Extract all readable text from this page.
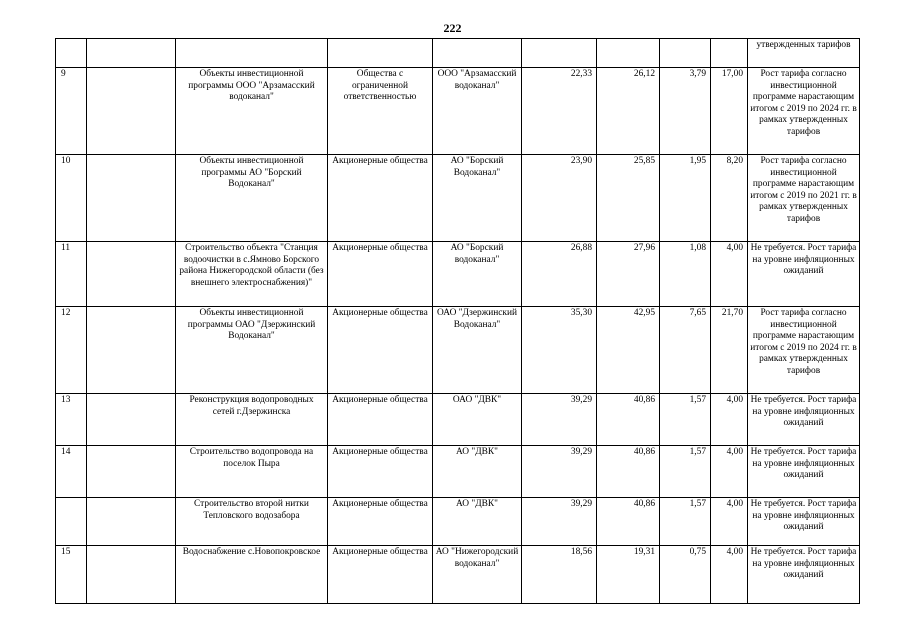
222
									утвержденных тарифов
9		Объекты инвестиционной программы ООО "Арзамасский водоканал"	Общества с ограниченной ответственностью	ООО "Арзамасский водоканал"	22,33	26,12	3,79	17,00	Рост тарифа согласно инвестиционной программе нарастающим итогом с 2019 по 2024 гг. в рамках утвержденных тарифов
10		Объекты инвестиционной программы АО "Борский Водоканал"	Акционерные общества	АО "Борский Водоканал"	23,90	25,85	1,95	8,20	Рост тарифа согласно инвестиционной программе нарастающим итогом с 2019 по 2021 гг. в рамках утвержденных тарифов
11		Строительство объекта "Станция водоочистки в с.Ямново Борского района Нижегородской области (без внешнего электроснабжения)"	Акционерные общества	АО "Борский водоканал"	26,88	27,96	1,08	4,00	Не требуется. Рост тарифа на уровне инфляционных ожиданий
12		Объекты инвестиционной программы ОАО "Дзержинский Водоканал"	Акционерные общества	ОАО "Дзержинский Водоканал"	35,30	42,95	7,65	21,70	Рост тарифа согласно инвестиционной программе нарастающим итогом с 2019 по 2024 гг. в рамках утвержденных тарифов
13		Реконструкция водопроводных сетей г.Дзержинска	Акционерные общества	ОАО "ДВК"	39,29	40,86	1,57	4,00	Не требуется. Рост тарифа на уровне инфляционных ожиданий
14		Строительство водопровода на поселок Пыра	Акционерные общества	АО "ДВК"	39,29	40,86	1,57	4,00	Не требуется. Рост тарифа на уровне инфляционных ожиданий
		Строительство второй нитки Тепловского водозабора	Акционерные общества	АО "ДВК"	39,29	40,86	1,57	4,00	Не требуется. Рост тарифа на уровне инфляционных ожиданий
15		Водоснабжение с.Новопокровское	Акционерные общества	АО "Нижегородский водоканал"	18,56	19,31	0,75	4,00	Не требуется. Рост тарифа на уровне инфляционных ожиданий
